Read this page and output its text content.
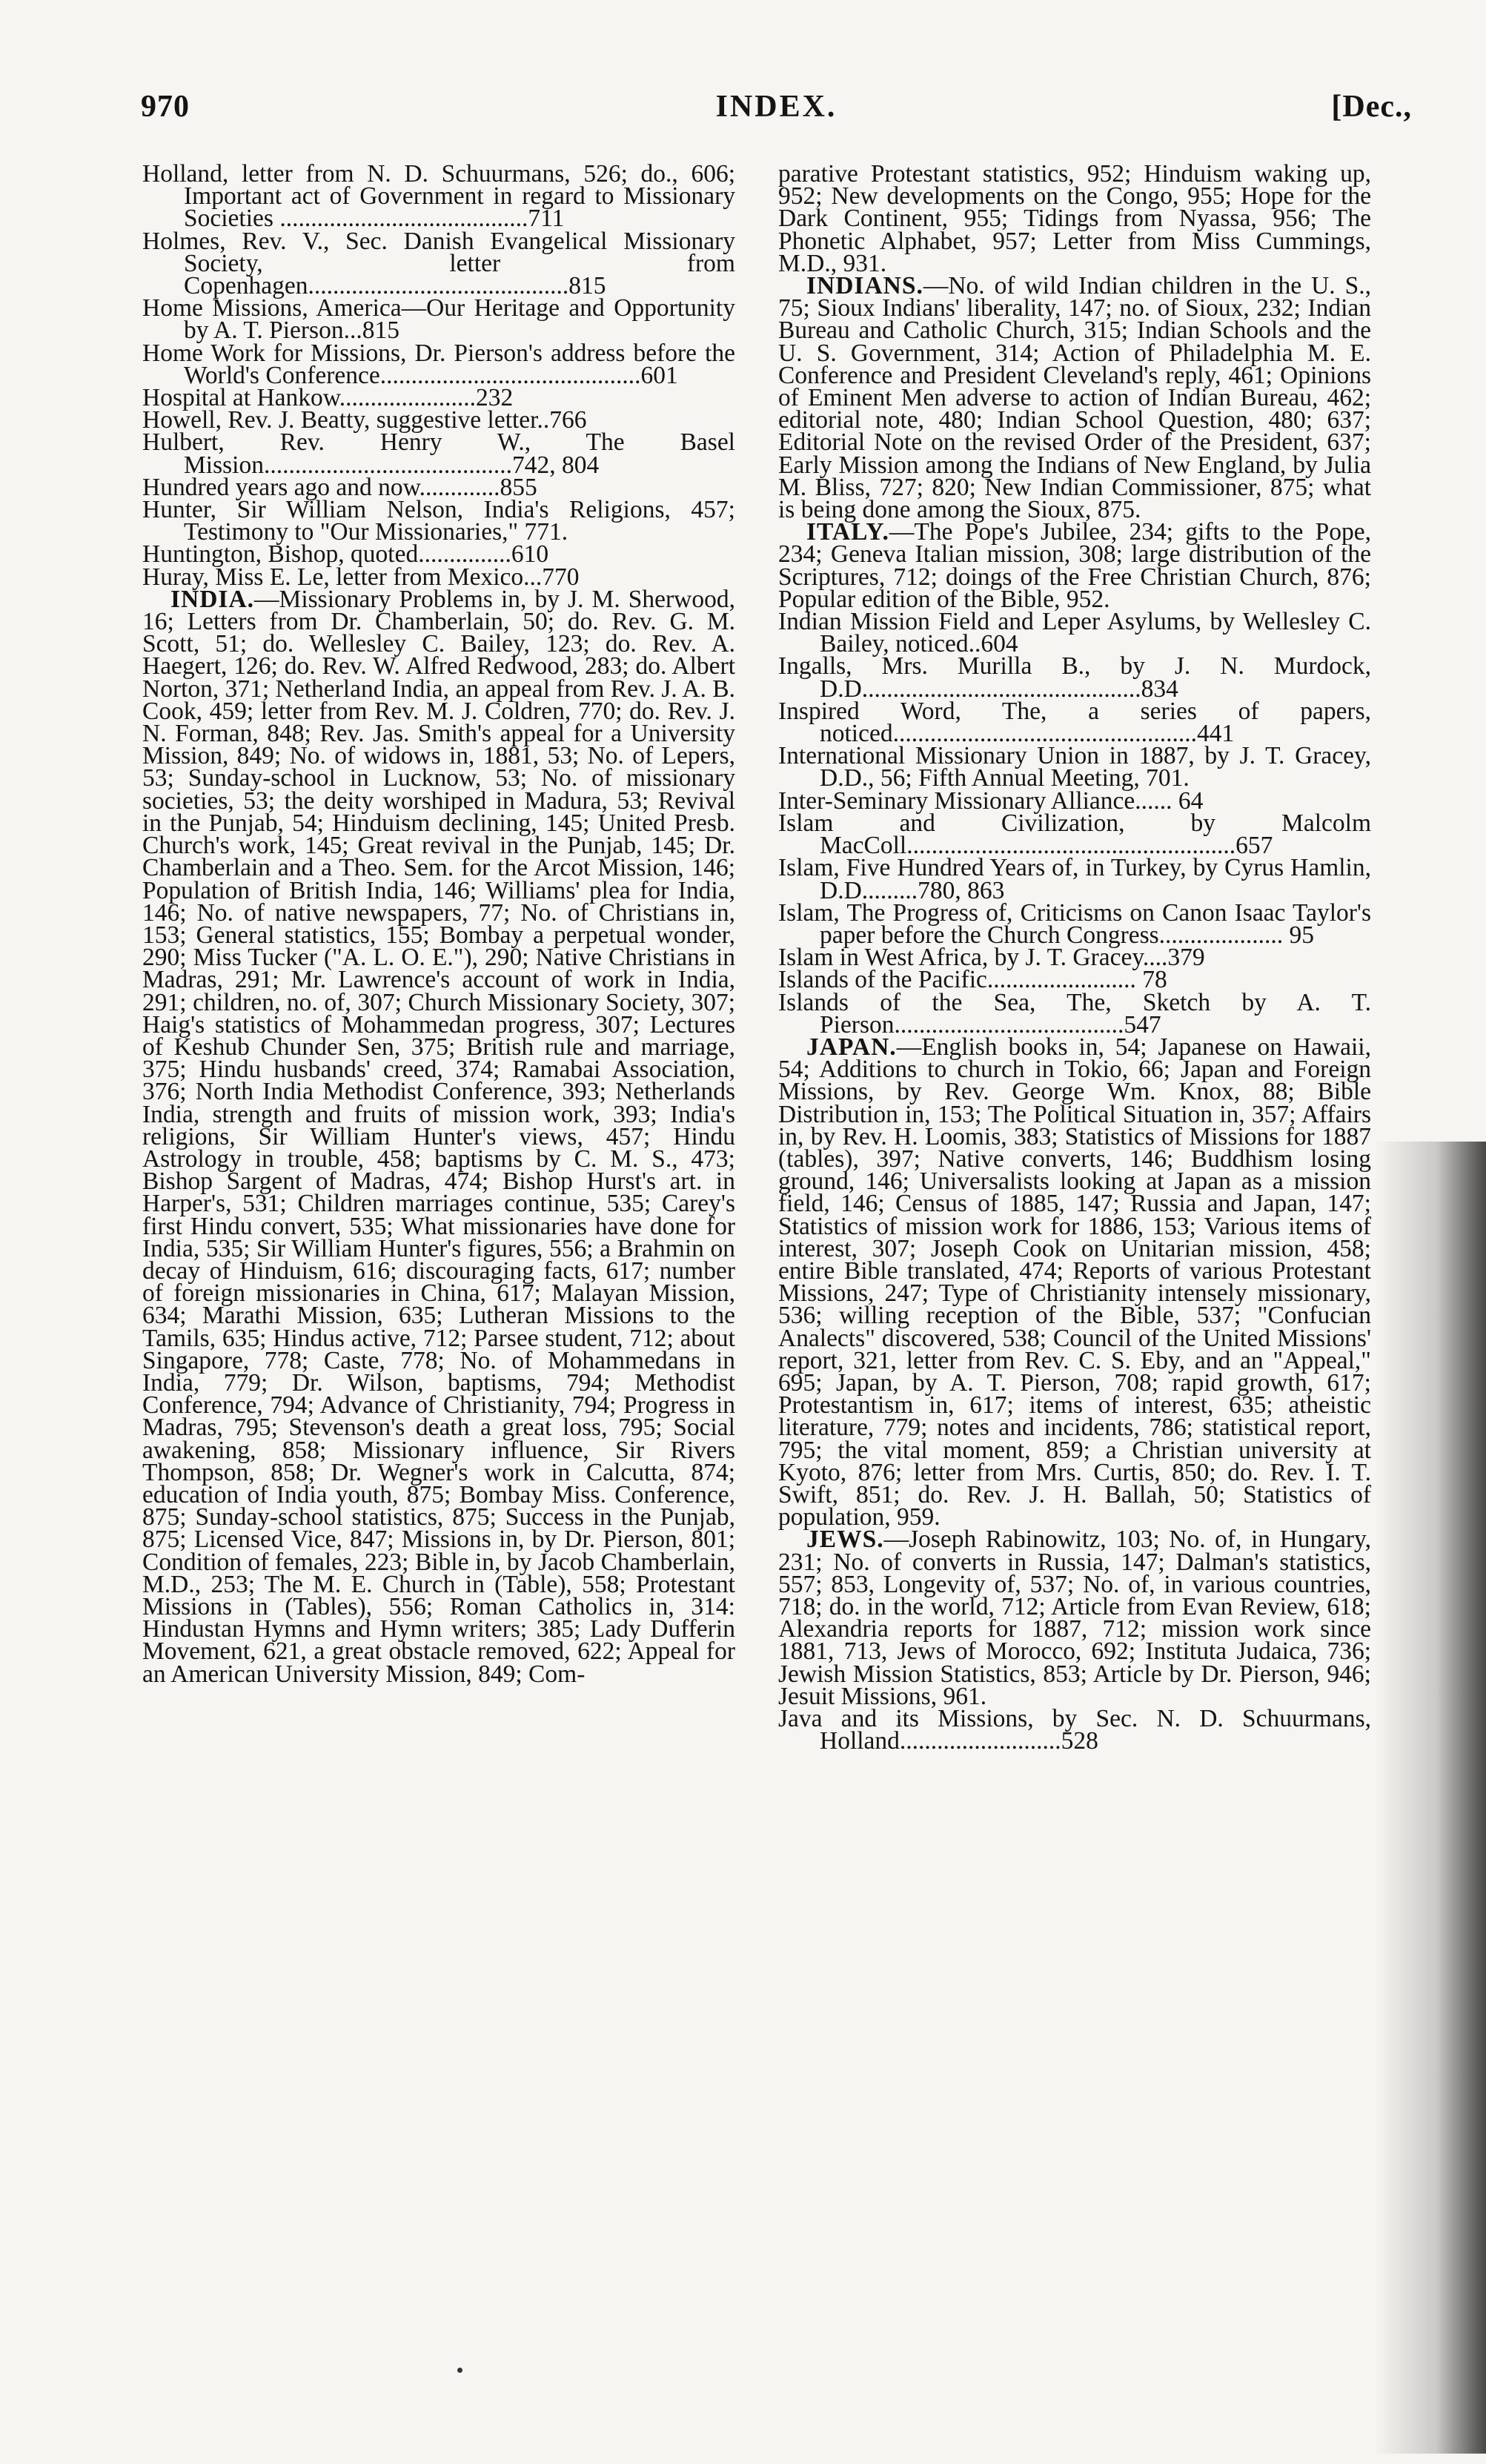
970	INDEX.	[Dec.,

Holland, letter from N. D. Schuurmans, 526; do., 606; Important act of Government in regard to Missionary Societies ........................................711

Holmes, Rev. V., Sec. Danish Evangelical Missionary Society, letter from Copenhagen..........................................815

Home Missions, America—Our Heritage and Opportunity by A. T. Pierson...815

Home Work for Missions, Dr. Pierson's address before the World's Conference..........................................601

Hospital at Hankow......................232

Howell, Rev. J. Beatty, suggestive letter..766

Hulbert, Rev. Henry W., The Basel Mission........................................742, 804

Hundred years ago and now.............855

Hunter, Sir William Nelson, India's Religions, 457; Testimony to "Our Missionaries," 771.

Huntington, Bishop, quoted...............610

Huray, Miss E. Le, letter from Mexico...770

INDIA.—Missionary Problems in, by J. M. Sherwood, 16; Letters from Dr. Chamberlain, 50; do. Rev. G. M. Scott, 51; do. Wellesley C. Bailey, 123; do. Rev. A. Haegert, 126; do. Rev. W. Alfred Redwood, 283; do. Albert Norton, 371; Netherland India, an appeal from Rev. J. A. B. Cook, 459; letter from Rev. M. J. Coldren, 770; do. Rev. J. N. Forman, 848; Rev. Jas. Smith's appeal for a University Mission, 849; No. of widows in, 1881, 53; No. of Lepers, 53; Sunday-school in Lucknow, 53; No. of missionary societies, 53; the deity worshiped in Madura, 53; Revival in the Punjab, 54; Hinduism declining, 145; United Presb. Church's work, 145; Great revival in the Punjab, 145; Dr. Chamberlain and a Theo. Sem. for the Arcot Mission, 146; Population of British India, 146; Williams' plea for India, 146; No. of native newspapers, 77; No. of Christians in, 153; General statistics, 155; Bombay a perpetual wonder, 290; Miss Tucker ("A. L. O. E."), 290; Native Christians in Madras, 291; Mr. Lawrence's account of work in India, 291; children, no. of, 307; Church Missionary Society, 307; Haig's statistics of Mohammedan progress, 307; Lectures of Keshub Chunder Sen, 375; British rule and marriage, 375; Hindu husbands' creed, 374; Ramabai Association, 376; North India Methodist Conference, 393; Netherlands India, strength and fruits of mission work, 393; India's religions, Sir William Hunter's views, 457; Hindu Astrology in trouble, 458; baptisms by C. M. S., 473; Bishop Sargent of Madras, 474; Bishop Hurst's art. in Harper's, 531; Children marriages continue, 535; Carey's first Hindu convert, 535; What missionaries have done for India, 535; Sir William Hunter's figures, 556; a Brahmin on decay of Hinduism, 616; discouraging facts, 617; number of foreign missionaries in China, 617; Malayan Mission, 634; Marathi Mission, 635; Lutheran Missions to the Tamils, 635; Hindus active, 712; Parsee student, 712; about Singapore, 778; Caste, 778; No. of Mohammedans in India, 779; Dr. Wilson, baptisms, 794; Methodist Conference, 794; Advance of Christianity, 794; Progress in Madras, 795; Stevenson's death a great loss, 795; Social awakening, 858; Missionary influence, Sir Rivers Thompson, 858; Dr. Wegner's work in Calcutta, 874; education of India youth, 875; Bombay Miss. Conference, 875; Sunday-school statistics, 875; Success in the Punjab, 875; Licensed Vice, 847; Missions in, by Dr. Pierson, 801; Condition of females, 223; Bible in, by Jacob Chamberlain, M.D., 253; The M. E. Church in (Table), 558; Protestant Missions in (Tables), 556; Roman Catholics in, 314: Hindustan Hymns and Hymn writers; 385; Lady Dufferin Movement, 621, a great obstacle removed, 622; Appeal for an American University Mission, 849; Com-

parative Protestant statistics, 952; Hinduism waking up, 952; New developments on the Congo, 955; Hope for the Dark Continent, 955; Tidings from Nyassa, 956; The Phonetic Alphabet, 957; Letter from Miss Cummings, M.D., 931.

INDIANS.—No. of wild Indian children in the U. S., 75; Sioux Indians' liberality, 147; no. of Sioux, 232; Indian Bureau and Catholic Church, 315; Indian Schools and the U. S. Government, 314; Action of Philadelphia M. E. Conference and President Cleveland's reply, 461; Opinions of Eminent Men adverse to action of Indian Bureau, 462; editorial note, 480; Indian School Question, 480; 637; Editorial Note on the revised Order of the President, 637; Early Mission among the Indians of New England, by Julia M. Bliss, 727; 820; New Indian Commissioner, 875; what is being done among the Sioux, 875.

ITALY.—The Pope's Jubilee, 234; gifts to the Pope, 234; Geneva Italian mission, 308; large distribution of the Scriptures, 712; doings of the Free Christian Church, 876; Popular edition of the Bible, 952.

Indian Mission Field and Leper Asylums, by Wellesley C. Bailey, noticed..604

Ingalls, Mrs. Murilla B., by J. N. Murdock, D.D.............................................834

Inspired Word, The, a series of papers, noticed.................................................441

International Missionary Union in 1887, by J. T. Gracey, D.D., 56; Fifth Annual Meeting, 701.

Inter-Seminary Missionary Alliance...... 64

Islam and Civilization, by Malcolm MacColl.....................................................657

Islam, Five Hundred Years of, in Turkey, by Cyrus Hamlin, D.D.........780, 863

Islam, The Progress of, Criticisms on Canon Isaac Taylor's paper before the Church Congress.................... 95

Islam in West Africa, by J. T. Gracey....379

Islands of the Pacific........................ 78

Islands of the Sea, The, Sketch by A. T. Pierson.....................................547

JAPAN.—English books in, 54; Japanese on Hawaii, 54; Additions to church in Tokio, 66; Japan and Foreign Missions, by Rev. George Wm. Knox, 88; Bible Distribution in, 153; The Political Situation in, 357; Affairs in, by Rev. H. Loomis, 383; Statistics of Missions for 1887 (tables), 397; Native converts, 146; Buddhism losing ground, 146; Universalists looking at Japan as a mission field, 146; Census of 1885, 147; Russia and Japan, 147; Statistics of mission work for 1886, 153; Various items of interest, 307; Joseph Cook on Unitarian mission, 458; entire Bible translated, 474; Reports of various Protestant Missions, 247; Type of Christianity intensely missionary, 536; willing reception of the Bible, 537; "Confucian Analects" discovered, 538; Council of the United Missions' report, 321, letter from Rev. C. S. Eby, and an "Appeal," 695; Japan, by A. T. Pierson, 708; rapid growth, 617; Protestantism in, 617; items of interest, 635; atheistic literature, 779; notes and incidents, 786; statistical report, 795; the vital moment, 859; a Christian university at Kyoto, 876; letter from Mrs. Curtis, 850; do. Rev. I. T. Swift, 851; do. Rev. J. H. Ballah, 50; Statistics of population, 959.

JEWS.—Joseph Rabinowitz, 103; No. of, in Hungary, 231; No. of converts in Russia, 147; Dalman's statistics, 557; 853, Longevity of, 537; No. of, in various countries, 718; do. in the world, 712; Article from Evan Review, 618; Alexandria reports for 1887, 712; mission work since 1881, 713, Jews of Morocco, 692; Instituta Judaica, 736; Jewish Mission Statistics, 853; Article by Dr. Pierson, 946; Jesuit Missions, 961.

Java and its Missions, by Sec. N. D. Schuurmans, Holland..........................528
